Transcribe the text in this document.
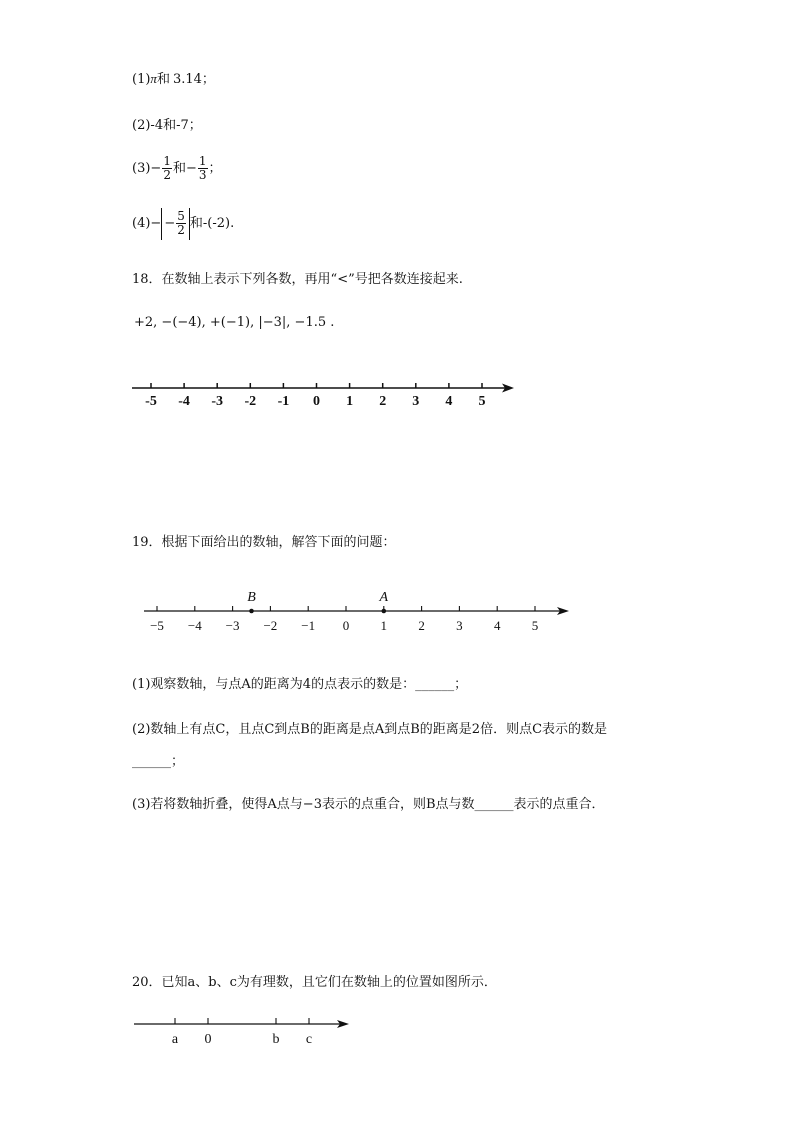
(1)π和 3.14；
(2)-4和-7；
$(3)- \frac{1}{2}$ 和− $\frac{1}{3}$ ；
$(4)- - \frac{5}{2}$ 和-(-2).
18．在数轴上表示下列各数，再用“<”号把各数连接起来.
+2, −(−4), +(−1), |−3|, −1.5 .
-5 -4 -3 -2 -1 0 1 2 3 4 5
19．根据下面给出的数轴，解答下面的问题：
−5 −4 −3 −2 −1 0 1 2 3 4 5
B	A
(1)观察数轴，与点A的距离为4的点表示的数是：______；
(2)数轴上有点C，且点C到点B的距离是点A到点B的距离是2倍．则点C表示的数是
______；
(3)若将数轴折叠，使得A点与−3表示的点重合，则B点与数______表示的点重合．
20．已知a、b、c为有理数，且它们在数轴上的位置如图所示．
a 0	b c
